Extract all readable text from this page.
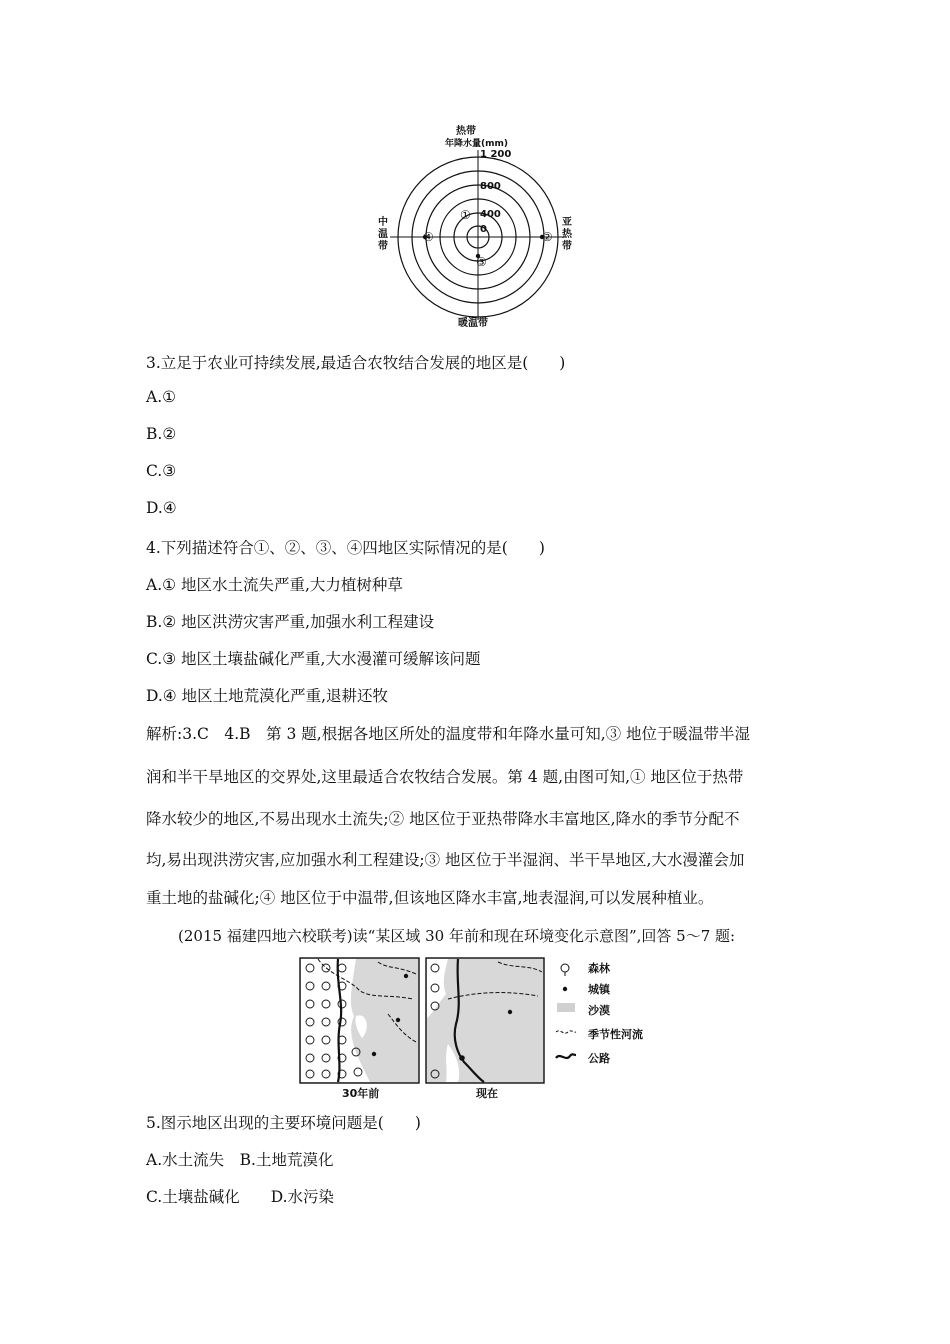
热带
年降水量(mm)
1 200
800
400
0
中温带
亚热带
暖温带
①
②
③
④
3.立足于农业可持续发展,最适合农牧结合发展的地区是(　　)
A.①
B.②
C.③
D.④
4.下列描述符合①、②、③、④四地区实际情况的是(　　)
A.① 地区水土流失严重,大力植树种草
B.② 地区洪涝灾害严重,加强水利工程建设
C.③ 地区土壤盐碱化严重,大水漫灌可缓解该问题
D.④ 地区土地荒漠化严重,退耕还牧
解析:3.C　4.B　第 3 题,根据各地区所处的温度带和年降水量可知,③ 地位于暖温带半湿
润和半干旱地区的交界处,这里最适合农牧结合发展。第 4 题,由图可知,① 地区位于热带
降水较少的地区,不易出现水土流失;② 地区位于亚热带降水丰富地区,降水的季节分配不
均,易出现洪涝灾害,应加强水利工程建设;③ 地区位于半湿润、半干旱地区,大水漫灌会加
重土地的盐碱化;④ 地区位于中温带,但该地区降水丰富,地表湿润,可以发展种植业。
(2015 福建四地六校联考)读“某区域 30 年前和现在环境变化示意图”,回答 5～7 题:
森林
城镇
沙漠
季节性河流
公路
30年前	现在
5.图示地区出现的主要环境问题是(　　)
A.水土流失　B.土地荒漠化
C.土壤盐碱化　　D.水污染
